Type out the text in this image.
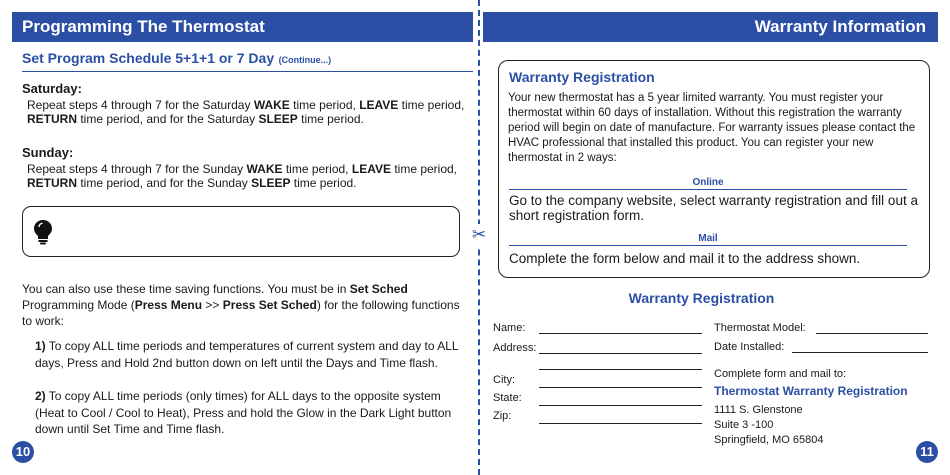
Programming The Thermostat
Set Program Schedule 5+1+1 or 7 Day (Continue...)
Saturday:
Repeat steps 4 through 7 for the Saturday WAKE time period, LEAVE time period, RETURN time period, and for the Saturday SLEEP time period.
Sunday:
Repeat steps 4 through 7 for the Sunday WAKE time period, LEAVE time period, RETURN time period, and for the Sunday SLEEP time period.
You can also use these time saving functions. You must be in Set Sched Programming Mode (Press Menu >> Press Set Sched) for the following functions to work:
1) To copy ALL time periods and temperatures of current system and day to ALL days, Press and Hold 2nd button down on left until the Days and Time flash.
2) To copy ALL time periods (only times) for ALL days to the opposite system (Heat to Cool / Cool to Heat), Press and hold the Glow in the Dark Light button down until Set Time and Time flash.
10
✂
Warranty Information
Warranty Registration
Your new thermostat has a 5 year limited warranty. You must register your thermostat within 60 days of installation. Without this registration the warranty period will begin on date of manufacture. For warranty issues please contact the HVAC professional that installed this product. You can register your new thermostat in 2 ways:
Online
Go to the company website, select warranty registration and fill out a short registration form.
Mail
Complete the form below and mail it to the address shown.
Warranty Registration
Name:
Address:
City:
State:
Zip:
Thermostat Model:
Date Installed:
Complete form and mail to:
Thermostat Warranty Registration
1111 S. Glenstone
Suite 3 -100
Springfield, MO 65804
11
